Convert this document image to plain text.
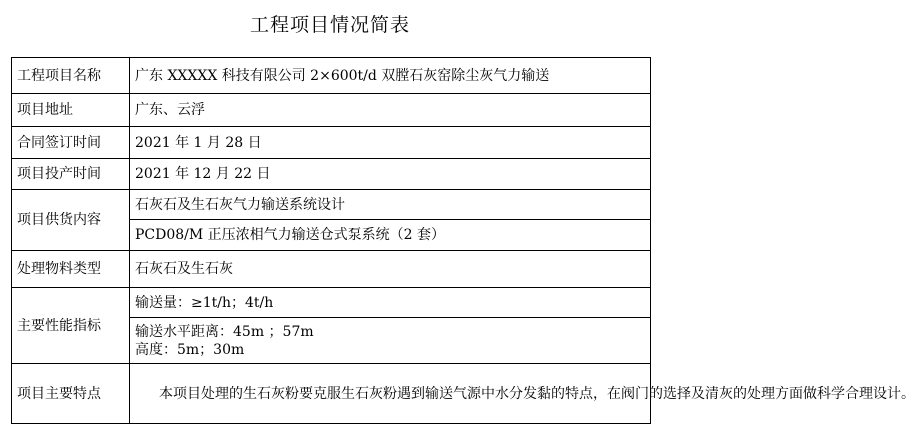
工程项目情况简表
工程项目名称	广东 XXXXX 科技有限公司 2×600t/d 双膛石灰窑除尘灰气力输送
项目地址	广东、云浮
合同签订时间	2021 年 1 月 28 日
项目投产时间	2021 年 12 月 22 日
项目供货内容	石灰石及生石灰气力输送系统设计
	PCD08/M 正压浓相气力输送仓式泵系统（2 套）
处理物料类型	石灰石及生石灰
主要性能指标	输送量：≥1t/h；4t/h

	输送水平距离：45m ；57m
高度：5m；30m

项目主要特点	本项目处理的生石灰粉要克服生石灰粉遇到输送气源中水分发黏的特点，在阀门的选择及清灰的处理方面做科学合理设计。
